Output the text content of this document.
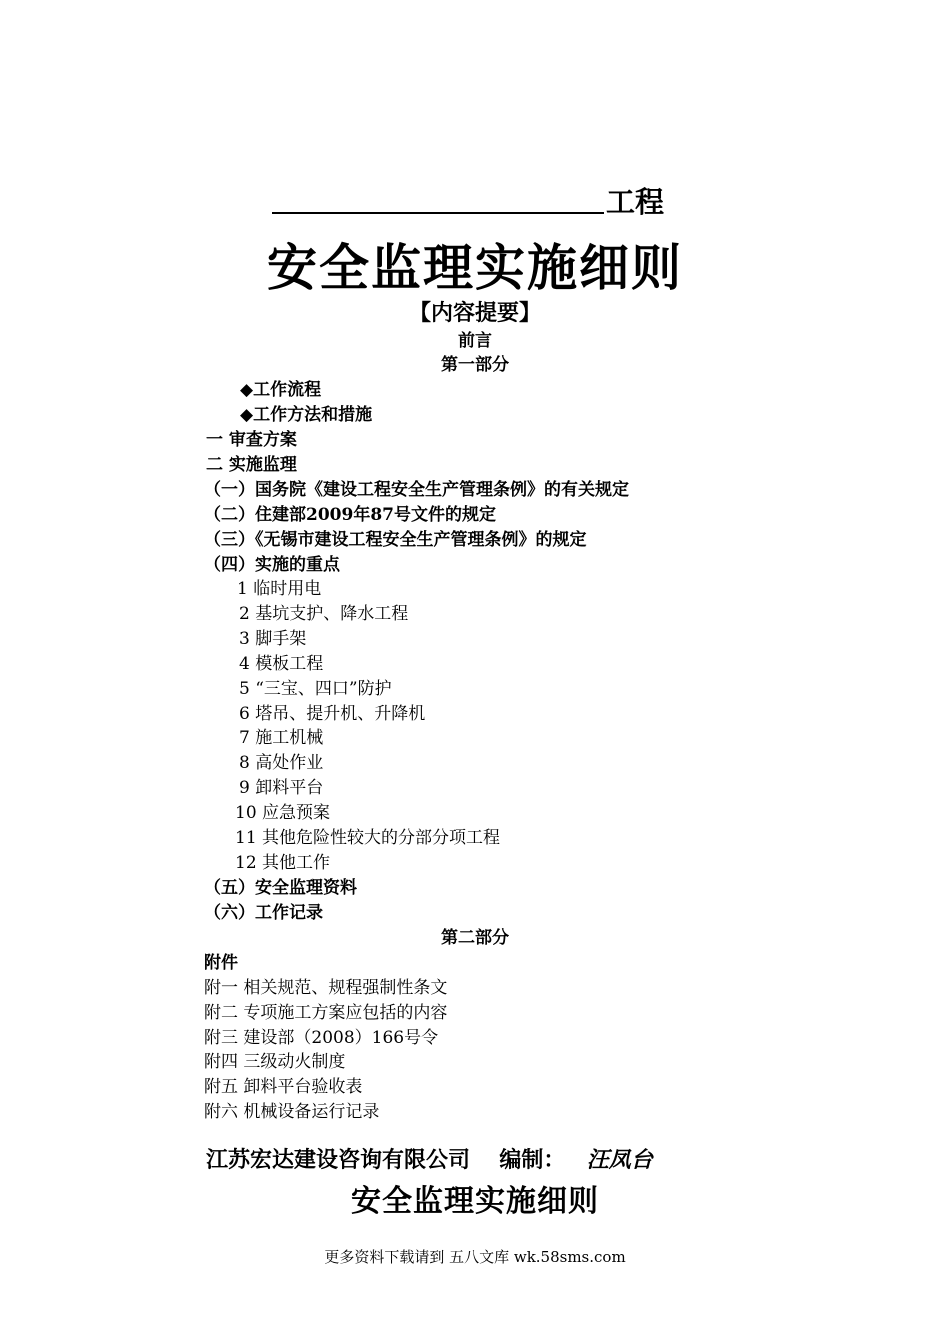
工程
安全监理实施细则
【内容提要】
前言
第一部分
◆工作流程
◆工作方法和措施
一 审查方案
二 实施监理
（一）国务院《建设工程安全生产管理条例》的有关规定
（二）住建部2009年87号文件的规定
（三）《无锡市建设工程安全生产管理条例》的规定
（四）实施的重点
1 临时用电
2 基坑支护、降水工程
3 脚手架
4 模板工程
5 “三宝、四口”防护
6 塔吊、提升机、升降机
7 施工机械
8 高处作业
9 卸料平台
10 应急预案
11 其他危险性较大的分部分项工程
12 其他工作
（五）安全监理资料
（六）工作记录
第二部分
附件
附一 相关规范、规程强制性条文
附二 专项施工方案应包括的内容
附三 建设部（2008）166号令
附四 三级动火制度
附五 卸料平台验收表
附六 机械设备运行记录
江苏宏达建设咨询有限公司 编制： 汪凤台
安全监理实施细则
更多资料下载请到 五八文库 wk.58sms.com
